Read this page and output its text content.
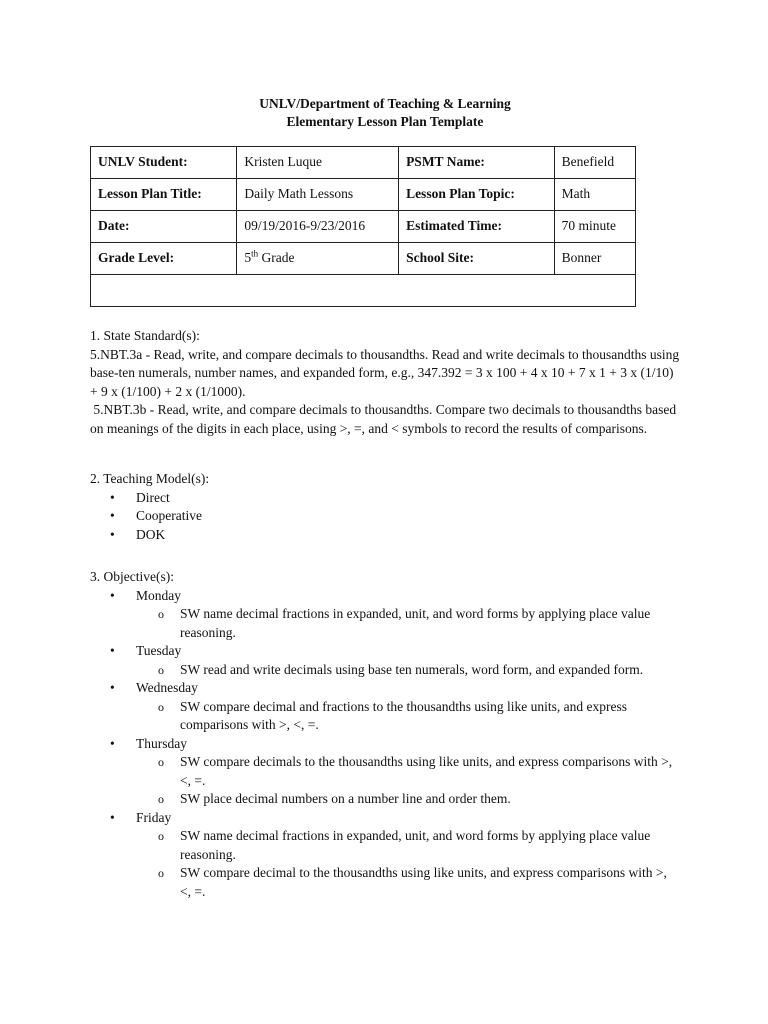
UNLV/Department of Teaching & Learning
Elementary Lesson Plan Template
UNLV Student:	Kristen Luque	PSMT Name:	Benefield
Lesson Plan Title:	Daily Math Lessons	Lesson Plan Topic:	Math
Date:	09/19/2016-9/23/2016	Estimated Time:	70 minute
Grade Level:	5th Grade	School Site:	Bonner

1. State Standard(s):

5.NBT.3a - Read, write, and compare decimals to thousandths. Read and write decimals to thousandths using base-ten numerals, number names, and expanded form, e.g., 347.392 = 3 x 100 + 4 x 10 + 7 x 1 + 3 x (1/10) + 9 x (1/100) + 2 x (1/1000).

5.NBT.3b - Read, write, and compare decimals to thousandths. Compare two decimals to thousandths based on meanings of the digits in each place, using >, =, and < symbols to record the results of comparisons.

2. Teaching Model(s):

• Direct
• Cooperative
• DOK

3. Objective(s):

• Monday
o SW name decimal fractions in expanded, unit, and word forms by applying place value reasoning.
• Tuesday
o SW read and write decimals using base ten numerals, word form, and expanded form.
• Wednesday
o SW compare decimal and fractions to the thousandths using like units, and express comparisons with >, <, =.
• Thursday
o SW compare decimals to the thousandths using like units, and express comparisons with >,<, =.
o SW place decimal numbers on a number line and order them.
• Friday
o SW name decimal fractions in expanded, unit, and word forms by applying place value reasoning.
o SW compare decimal to the thousandths using like units, and express comparisons with >, <, =.
